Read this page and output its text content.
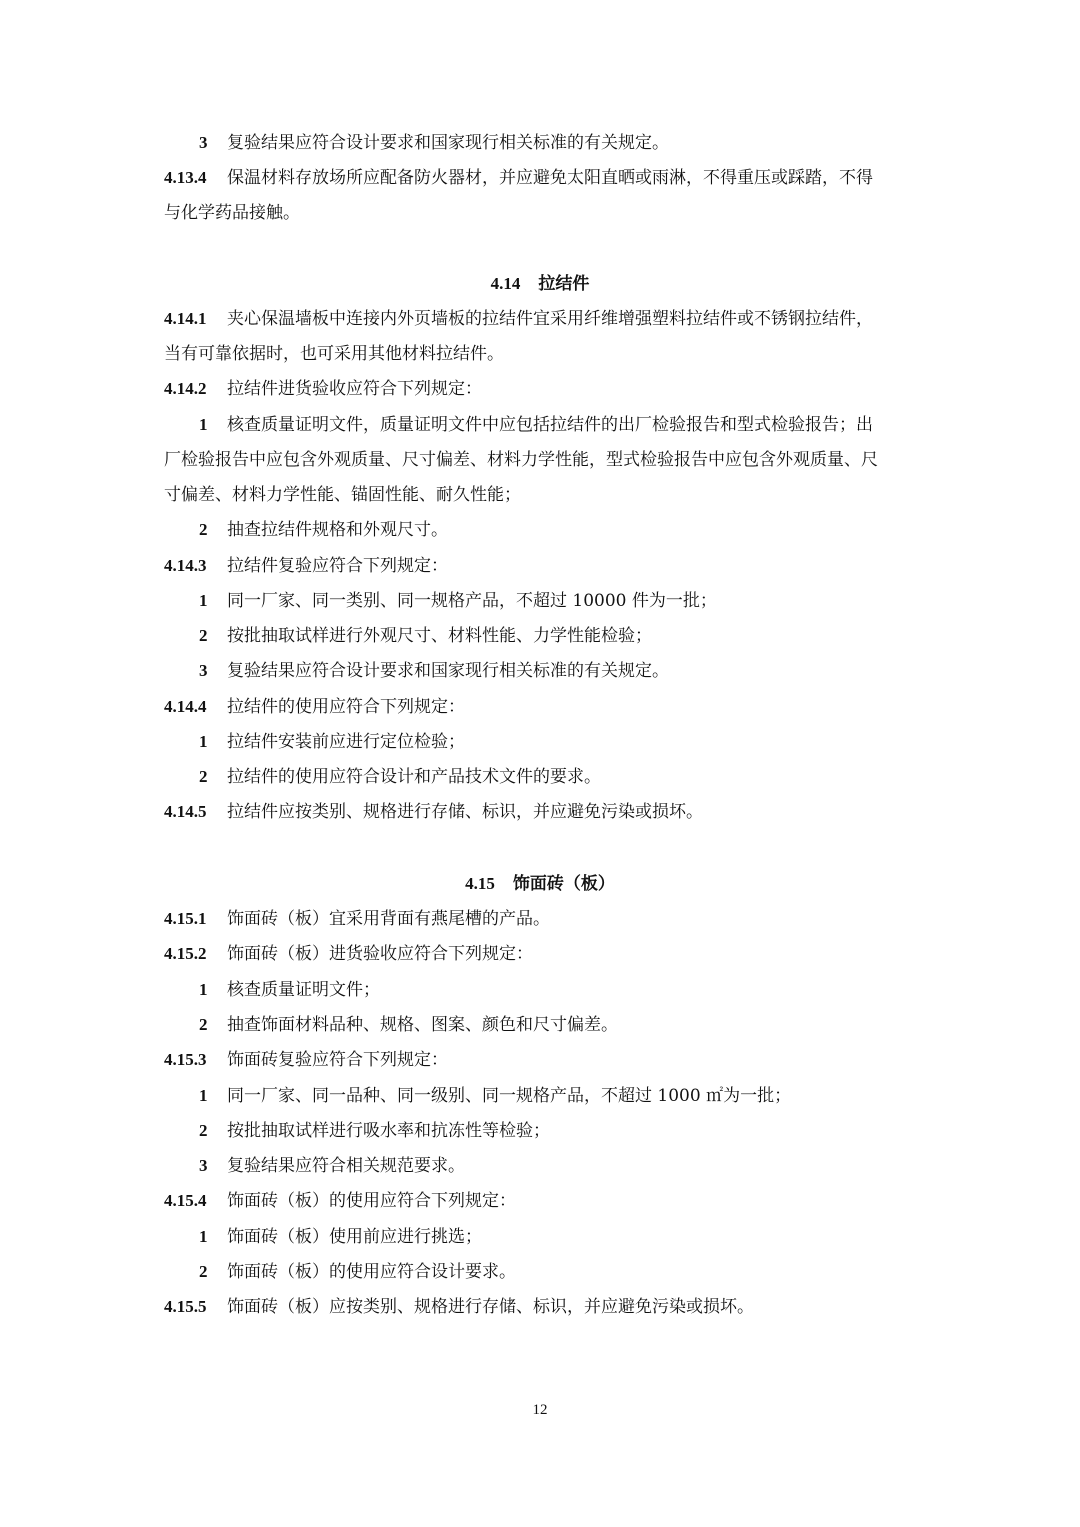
3 复验结果应符合设计要求和国家现行相关标准的有关规定。
4.13.4 保温材料存放场所应配备防火器材，并应避免太阳直晒或雨淋，不得重压或踩踏，不得
与化学药品接触。
4.14 拉结件
4.14.1 夹心保温墙板中连接内外页墙板的拉结件宜采用纤维增强塑料拉结件或不锈钢拉结件，
当有可靠依据时，也可采用其他材料拉结件。
4.14.2 拉结件进货验收应符合下列规定：
1 核查质量证明文件，质量证明文件中应包括拉结件的出厂检验报告和型式检验报告；出
厂检验报告中应包含外观质量、尺寸偏差、材料力学性能，型式检验报告中应包含外观质量、尺
寸偏差、材料力学性能、锚固性能、耐久性能；
2 抽查拉结件规格和外观尺寸。
4.14.3 拉结件复验应符合下列规定：
1 同一厂家、同一类别、同一规格产品，不超过 10000 件为一批；
2 按批抽取试样进行外观尺寸、材料性能、力学性能检验；
3 复验结果应符合设计要求和国家现行相关标准的有关规定。
4.14.4 拉结件的使用应符合下列规定：
1 拉结件安装前应进行定位检验；
2 拉结件的使用应符合设计和产品技术文件的要求。
4.14.5 拉结件应按类别、规格进行存储、标识，并应避免污染或损坏。
4.15 饰面砖（板）
4.15.1 饰面砖（板）宜采用背面有燕尾槽的产品。
4.15.2 饰面砖（板）进货验收应符合下列规定：
1 核查质量证明文件；
2 抽查饰面材料品种、规格、图案、颜色和尺寸偏差。
4.15.3 饰面砖复验应符合下列规定：
1 同一厂家、同一品种、同一级别、同一规格产品，不超过 1000 ㎡为一批；
2 按批抽取试样进行吸水率和抗冻性等检验；
3 复验结果应符合相关规范要求。
4.15.4 饰面砖（板）的使用应符合下列规定：
1 饰面砖（板）使用前应进行挑选；
2 饰面砖（板）的使用应符合设计要求。
4.15.5 饰面砖（板）应按类别、规格进行存储、标识，并应避免污染或损坏。
12
